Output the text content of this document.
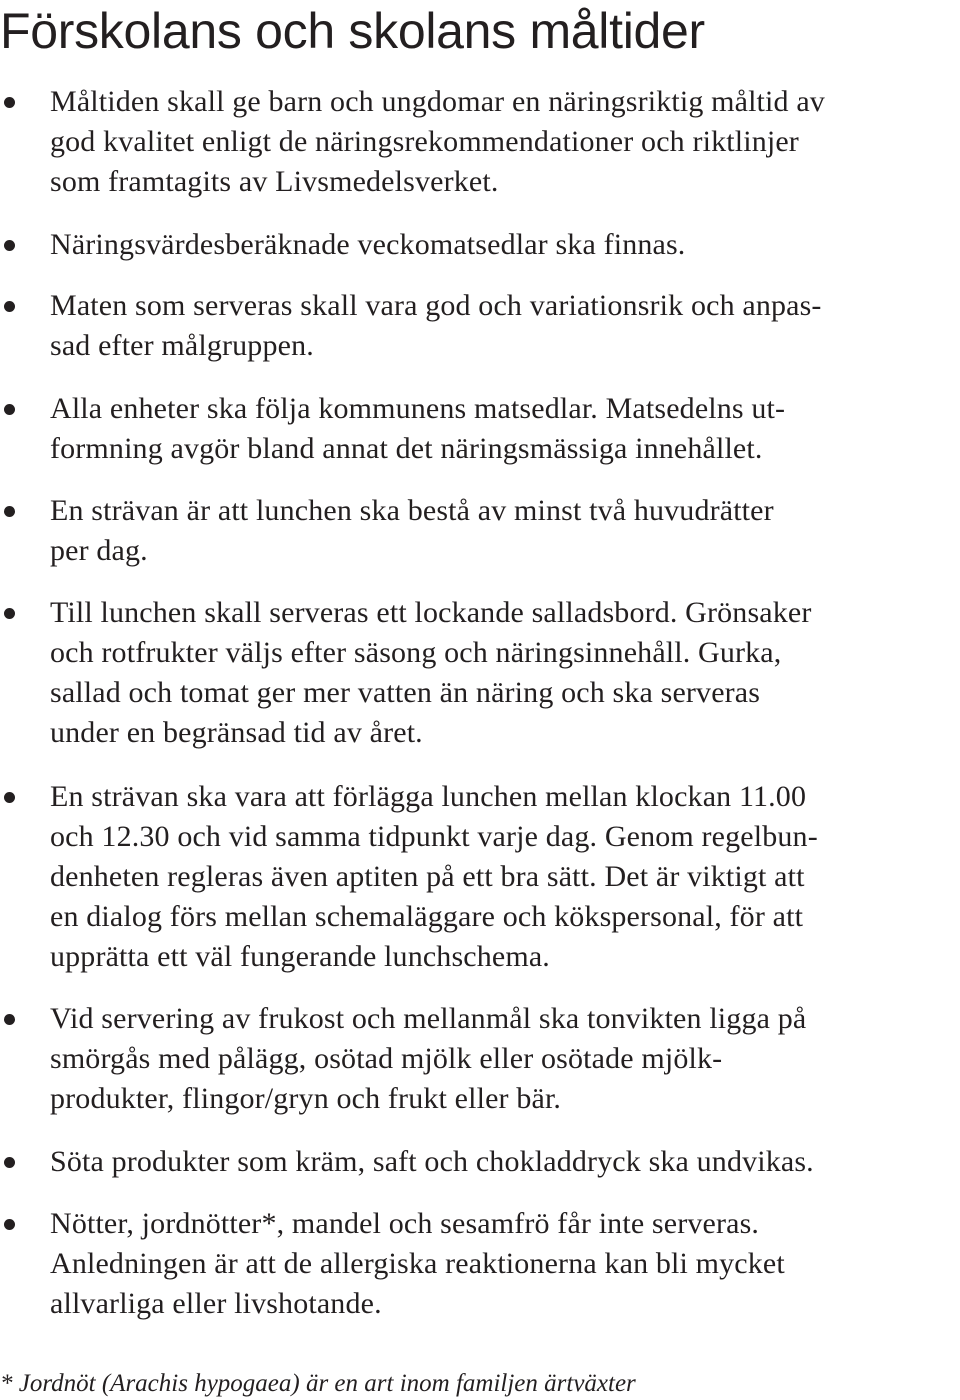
Förskolans och skolans måltider
Måltiden skall ge barn och ungdomar en näringsriktig måltid av
god kvalitet enligt de näringsrekommendationer och riktlinjer
som framtagits av Livsmedelsverket.
Näringsvärdesberäknade veckomatsedlar ska finnas.
Maten som serveras skall vara god och variationsrik och anpas-
sad efter målgruppen.
Alla enheter ska följa kommunens matsedlar. Matsedelns ut-
formning avgör bland annat det näringsmässiga innehållet.
En strävan är att lunchen ska bestå av minst två huvudrätter
per dag.
Till lunchen skall serveras ett lockande salladsbord. Grönsaker
och rotfrukter väljs efter säsong och näringsinnehåll. Gurka,
sallad och tomat ger mer vatten än näring och ska serveras
under en begränsad tid av året.
En strävan ska vara att förlägga lunchen mellan klockan 11.00
och 12.30 och vid samma tidpunkt varje dag. Genom regelbun-
denheten regleras även aptiten på ett bra sätt. Det är viktigt att
en dialog förs mellan schemaläggare och kökspersonal, för att
upprätta ett väl fungerande lunchschema.
Vid servering av frukost och mellanmål ska tonvikten ligga på
smörgås med pålägg, osötad mjölk eller osötade mjölk-
produkter, flingor/gryn och frukt eller bär.
Söta produkter som kräm, saft och chokladdryck ska undvikas.
Nötter, jordnötter*, mandel och sesamfrö får inte serveras.
Anledningen är att de allergiska reaktionerna kan bli mycket
allvarliga eller livshotande.
* Jordnöt (Arachis hypogaea) är en art inom familjen ärtväxter
